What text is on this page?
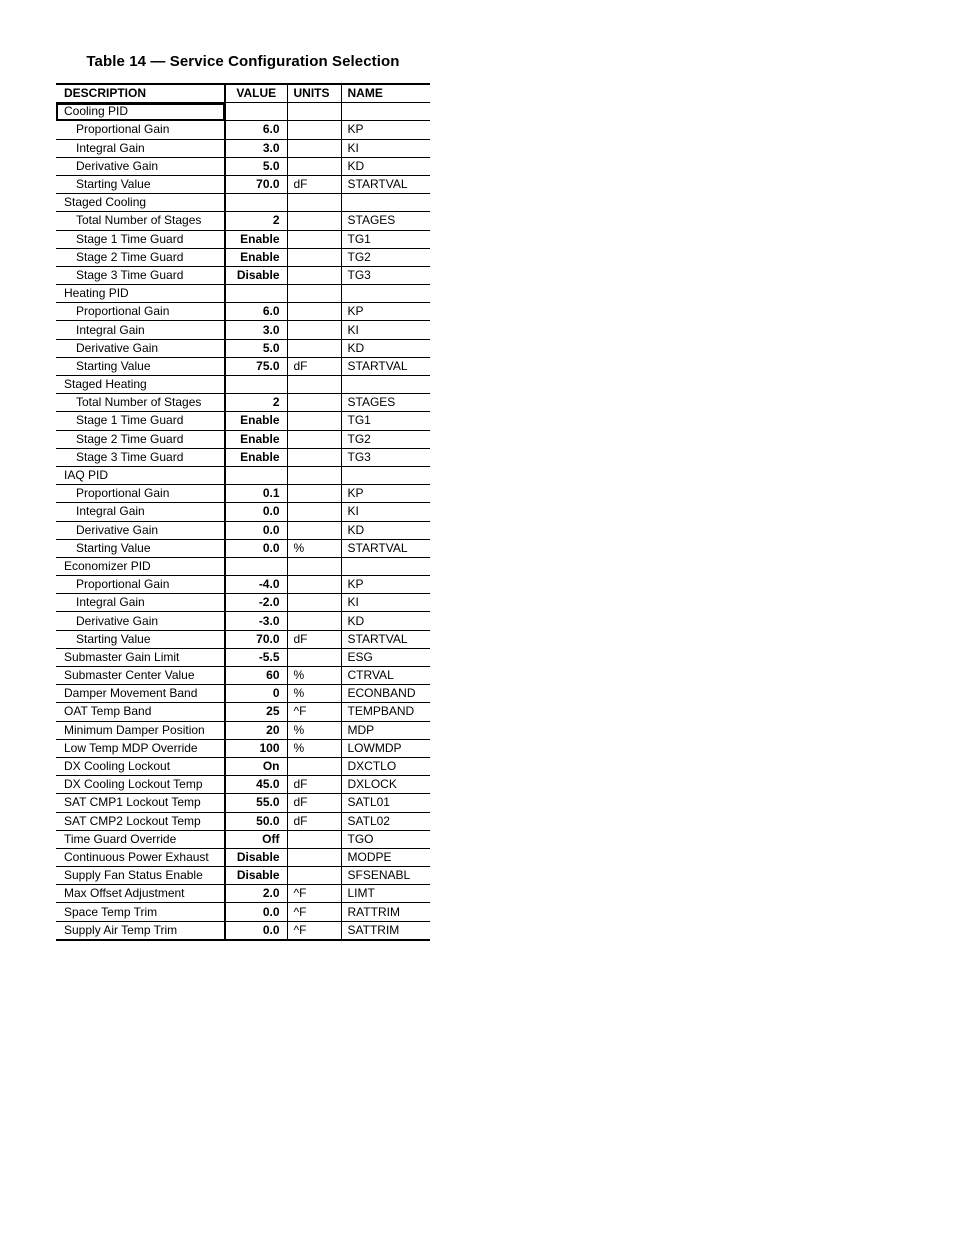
Table 14 — Service Configuration Selection
DESCRIPTION	VALUE	UNITS	NAME
Cooling PID			
Proportional Gain	6.0		KP
Integral Gain	3.0		KI
Derivative Gain	5.0		KD
Starting Value	70.0	dF	STARTVAL
Staged Cooling			
Total Number of Stages	2		STAGES
Stage 1 Time Guard	Enable		TG1
Stage 2 Time Guard	Enable		TG2
Stage 3 Time Guard	Disable		TG3
Heating PID			
Proportional Gain	6.0		KP
Integral Gain	3.0		KI
Derivative Gain	5.0		KD
Starting Value	75.0	dF	STARTVAL
Staged Heating			
Total Number of Stages	2		STAGES
Stage 1 Time Guard	Enable		TG1
Stage 2 Time Guard	Enable		TG2
Stage 3 Time Guard	Enable		TG3
IAQ PID			
Proportional Gain	0.1		KP
Integral Gain	0.0		KI
Derivative Gain	0.0		KD
Starting Value	0.0	%	STARTVAL
Economizer PID			
Proportional Gain	-4.0		KP
Integral Gain	-2.0		KI
Derivative Gain	-3.0		KD
Starting Value	70.0	dF	STARTVAL
Submaster Gain Limit	-5.5		ESG
Submaster Center Value	60	%	CTRVAL
Damper Movement Band	0	%	ECONBAND
OAT Temp Band	25	^F	TEMPBAND
Minimum Damper Position	20	%	MDP
Low Temp MDP Override	100	%	LOWMDP
DX Cooling Lockout	On		DXCTLO
DX Cooling Lockout Temp	45.0	dF	DXLOCK
SAT CMP1 Lockout Temp	55.0	dF	SATL01
SAT CMP2 Lockout Temp	50.0	dF	SATL02
Time Guard Override	Off		TGO
Continuous Power Exhaust	Disable		MODPE
Supply Fan Status Enable	Disable		SFSENABL
Max Offset Adjustment	2.0	^F	LIMT
Space Temp Trim	0.0	^F	RATTRIM
Supply Air Temp Trim	0.0	^F	SATTRIM
